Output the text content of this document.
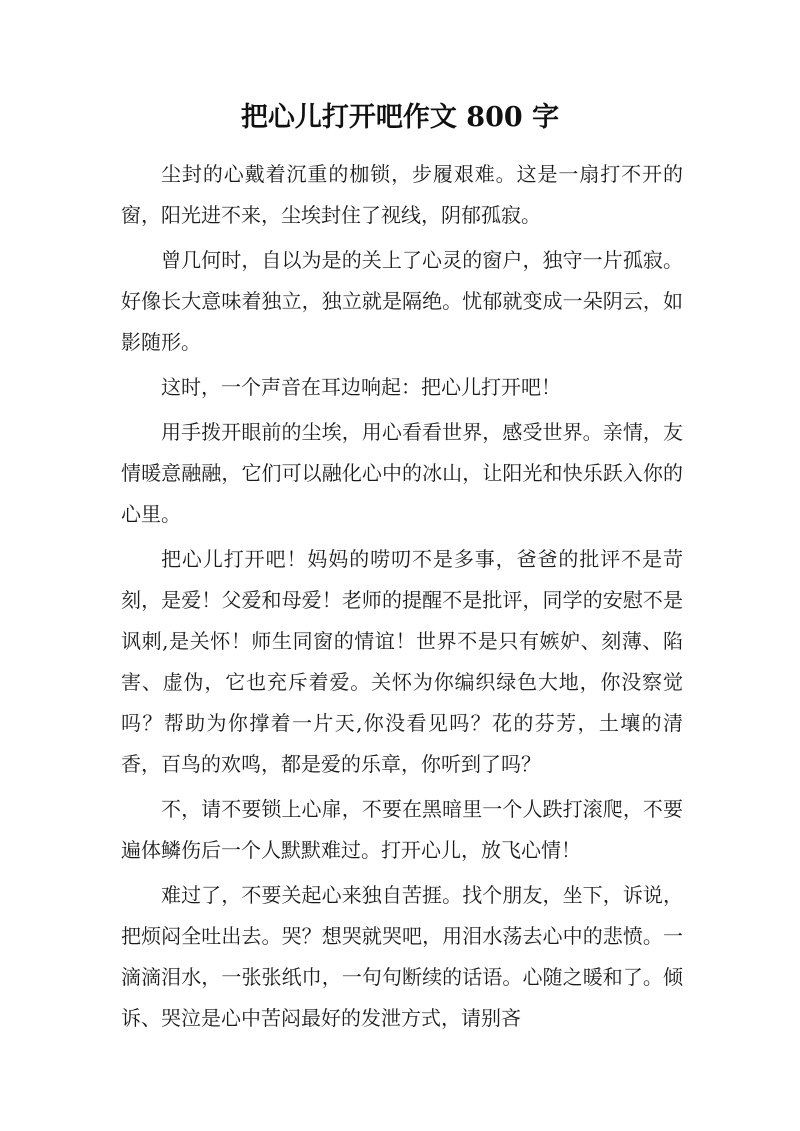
把心儿打开吧作文 800 字

尘封的心戴着沉重的枷锁，步履艰难。这是一扇打不开的窗，阳光进不来，尘埃封住了视线，阴郁孤寂。

曾几何时，自以为是的关上了心灵的窗户，独守一片孤寂。好像长大意味着独立，独立就是隔绝。忧郁就变成一朵阴云，如影随形。

这时，一个声音在耳边响起：把心儿打开吧！

用手拨开眼前的尘埃，用心看看世界，感受世界。亲情，友情暖意融融，它们可以融化心中的冰山，让阳光和快乐跃入你的心里。

把心儿打开吧！妈妈的唠叨不是多事，爸爸的批评不是苛刻，是爱！父爱和母爱！老师的提醒不是批评，同学的安慰不是讽刺,是关怀！师生同窗的情谊！世界不是只有嫉妒、刻薄、陷害、虚伪，它也充斥着爱。关怀为你编织绿色大地，你没察觉吗？帮助为你撑着一片天,你没看见吗？花的芬芳，土壤的清香，百鸟的欢鸣，都是爱的乐章，你听到了吗？

不，请不要锁上心扉，不要在黑暗里一个人跌打滚爬，不要遍体鳞伤后一个人默默难过。打开心儿，放飞心情！

难过了，不要关起心来独自苦捱。找个朋友，坐下，诉说，把烦闷全吐出去。哭？想哭就哭吧，用泪水荡去心中的悲愤。一滴滴泪水，一张张纸巾，一句句断续的话语。心随之暖和了。倾诉、哭泣是心中苦闷最好的发泄方式，请别吝
